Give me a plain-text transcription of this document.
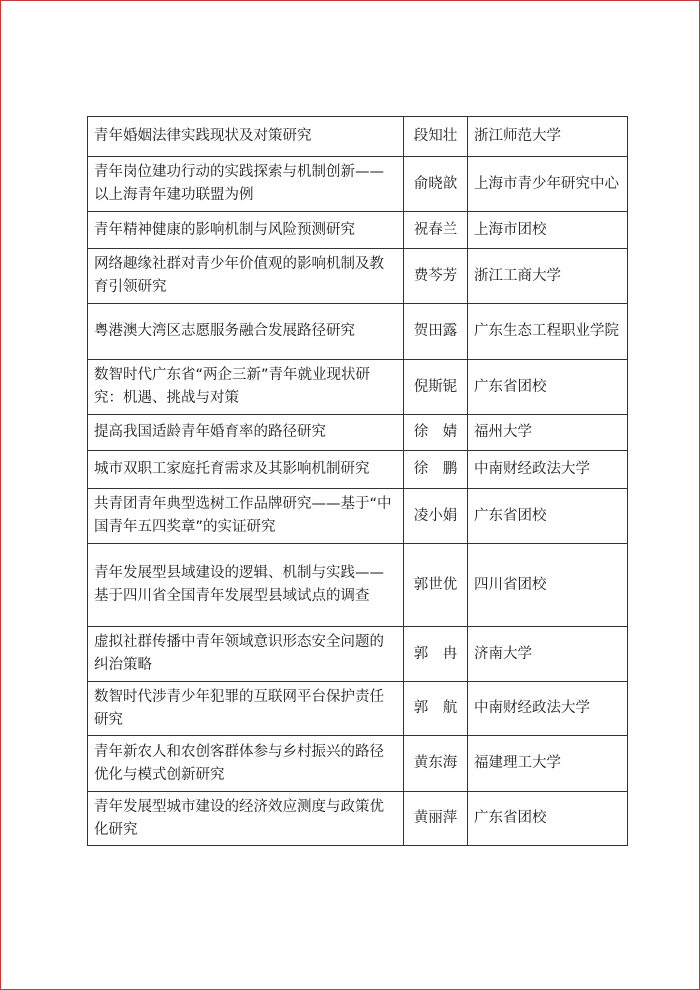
青年婚姻法律实践现状及对策研究	段知壮	浙江师范大学
青年岗位建功行动的实践探索与机制创新——以上海青年建功联盟为例	俞晓歆	上海市青少年研究中心
青年精神健康的影响机制与风险预测研究	祝春兰	上海市团校
网络趣缘社群对青少年价值观的影响机制及教育引领研究	费芩芳	浙江工商大学
粤港澳大湾区志愿服务融合发展路径研究	贺田露	广东生态工程职业学院
数智时代广东省“两企三新”青年就业现状研究：机遇、挑战与对策	倪斯铌	广东省团校
提高我国适龄青年婚育率的路径研究	徐　婧	福州大学
城市双职工家庭托育需求及其影响机制研究	徐　鹏	中南财经政法大学
共青团青年典型选树工作品牌研究——基于“中国青年五四奖章”的实证研究	凌小娟	广东省团校
青年发展型县域建设的逻辑、机制与实践——基于四川省全国青年发展型县域试点的调查	郭世优	四川省团校
虚拟社群传播中青年领域意识形态安全问题的纠治策略	郭　冉	济南大学
数智时代涉青少年犯罪的互联网平台保护责任研究	郭　航	中南财经政法大学
青年新农人和农创客群体参与乡村振兴的路径优化与模式创新研究	黄东海	福建理工大学
青年发展型城市建设的经济效应测度与政策优化研究	黄丽萍	广东省团校
